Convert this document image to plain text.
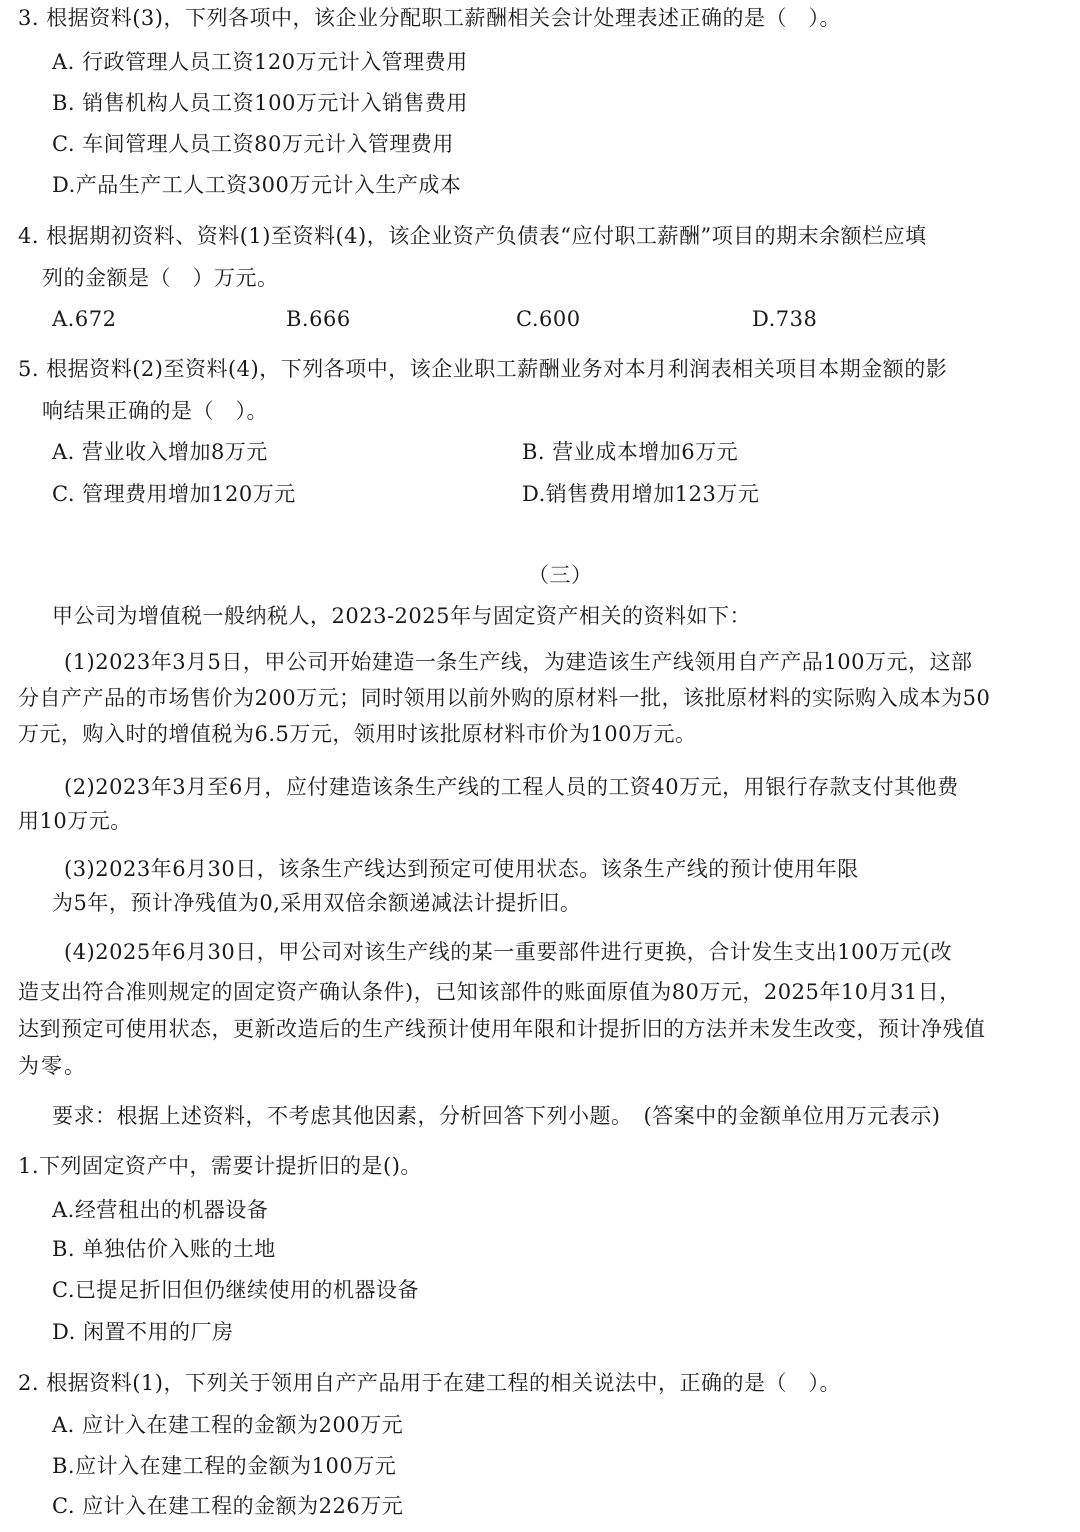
3. 根据资料(3)，下列各项中，该企业分配职工薪酬相关会计处理表述正确的是（　）。
A. 行政管理人员工资120万元计入管理费用
B. 销售机构人员工资100万元计入销售费用
C. 车间管理人员工资80万元计入管理费用
D.产品生产工人工资300万元计入生产成本
4. 根据期初资料、资料(1)至资料(4)，该企业资产负债表“应付职工薪酬”项目的期末余额栏应填
列的金额是（　）万元。
A.672	B.666	C.600	D.738
5. 根据资料(2)至资料(4)，下列各项中，该企业职工薪酬业务对本月利润表相关项目本期金额的影
响结果正确的是（　）。
A. 营业收入增加8万元	B. 营业成本增加6万元
C. 管理费用增加120万元	D.销售费用增加123万元
（三）
甲公司为增值税一般纳税人，2023-2025年与固定资产相关的资料如下：
(1)2023年3月5日，甲公司开始建造一条生产线，为建造该生产线领用自产产品100万元，这部
分自产产品的市场售价为200万元；同时领用以前外购的原材料一批，该批原材料的实际购入成本为50
万元，购入时的增值税为6.5万元，领用时该批原材料市价为100万元。
(2)2023年3月至6月，应付建造该条生产线的工程人员的工资40万元，用银行存款支付其他费
用10万元。
(3)2023年6月30日，该条生产线达到预定可使用状态。该条生产线的预计使用年限
为5年，预计净残值为0,采用双倍余额递减法计提折旧。
(4)2025年6月30日，甲公司对该生产线的某一重要部件进行更换，合计发生支出100万元(改
造支出符合准则规定的固定资产确认条件)，已知该部件的账面原值为80万元，2025年10月31日，
达到预定可使用状态，更新改造后的生产线预计使用年限和计提折旧的方法并未发生改变，预计净残值
为零。
要求：根据上述资料，不考虑其他因素，分析回答下列小题。　(答案中的金额单位用万元表示)
1.下列固定资产中，需要计提折旧的是()。
A.经营租出的机器设备
B. 单独估价入账的土地
C.已提足折旧但仍继续使用的机器设备
D. 闲置不用的厂房
2. 根据资料(1)，下列关于领用自产产品用于在建工程的相关说法中，正确的是（　）。
A. 应计入在建工程的金额为200万元
B.应计入在建工程的金额为100万元
C. 应计入在建工程的金额为226万元
